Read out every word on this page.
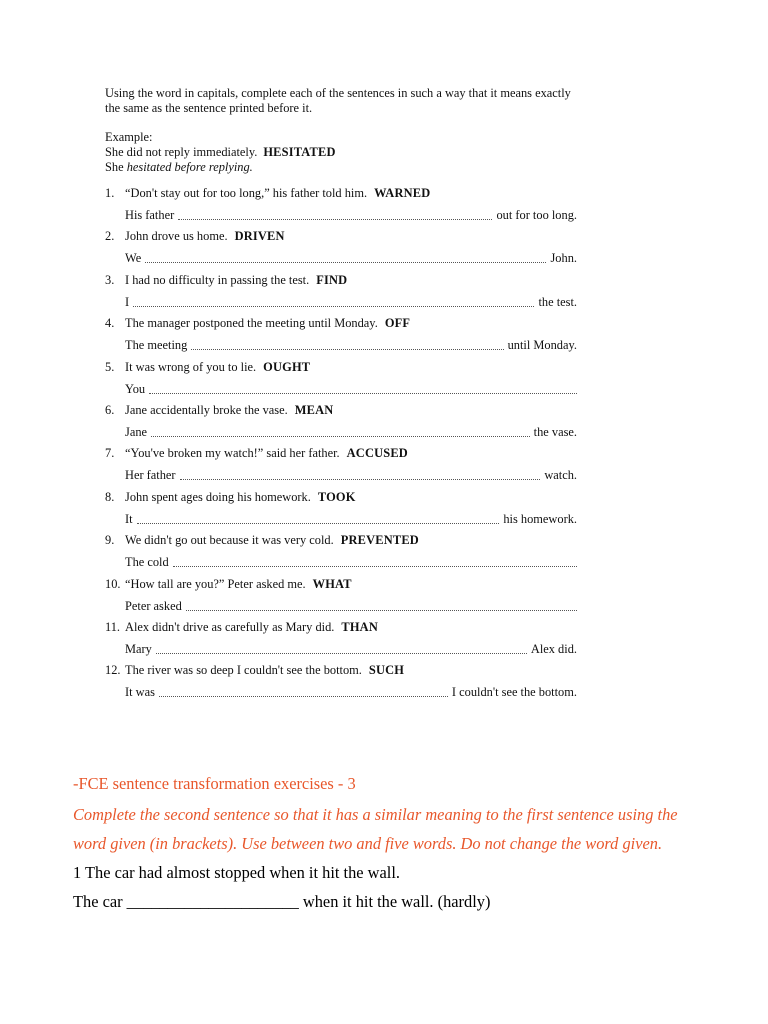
Using the word in capitals, complete each of the sentences in such a way that it means exactly the same as the sentence printed before it.

Example:

She did not reply immediately. HESITATED

She hesitated before replying.

1. “Don't stay out for too long,” his father told him. WARNED
His father	out for too long.
2. John drove us home. DRIVEN
We	John.
3. I had no difficulty in passing the test. FIND
I	the test.
4. The manager postponed the meeting until Monday. OFF
The meeting	until Monday.
5. It was wrong of you to lie. OUGHT
You
6. Jane accidentally broke the vase. MEAN
Jane	the vase.
7. “You've broken my watch!” said her father. ACCUSED
Her father	watch.
8. John spent ages doing his homework. TOOK
It	his homework.
9. We didn't go out because it was very cold. PREVENTED
The cold
10. “How tall are you?” Peter asked me. WHAT
Peter asked
11. Alex didn't drive as carefully as Mary did. THAN
Mary	Alex did.
12. The river was so deep I couldn't see the bottom. SUCH
It was	I couldn't see the bottom.

-FCE sentence transformation exercises - 3

Complete the second sentence so that it has a similar meaning to the first sentence using the

word given (in brackets). Use between two and five words. Do not change the word given.

1 The car had almost stopped when it hit the wall.

The car _____________________ when it hit the wall. (hardly)
